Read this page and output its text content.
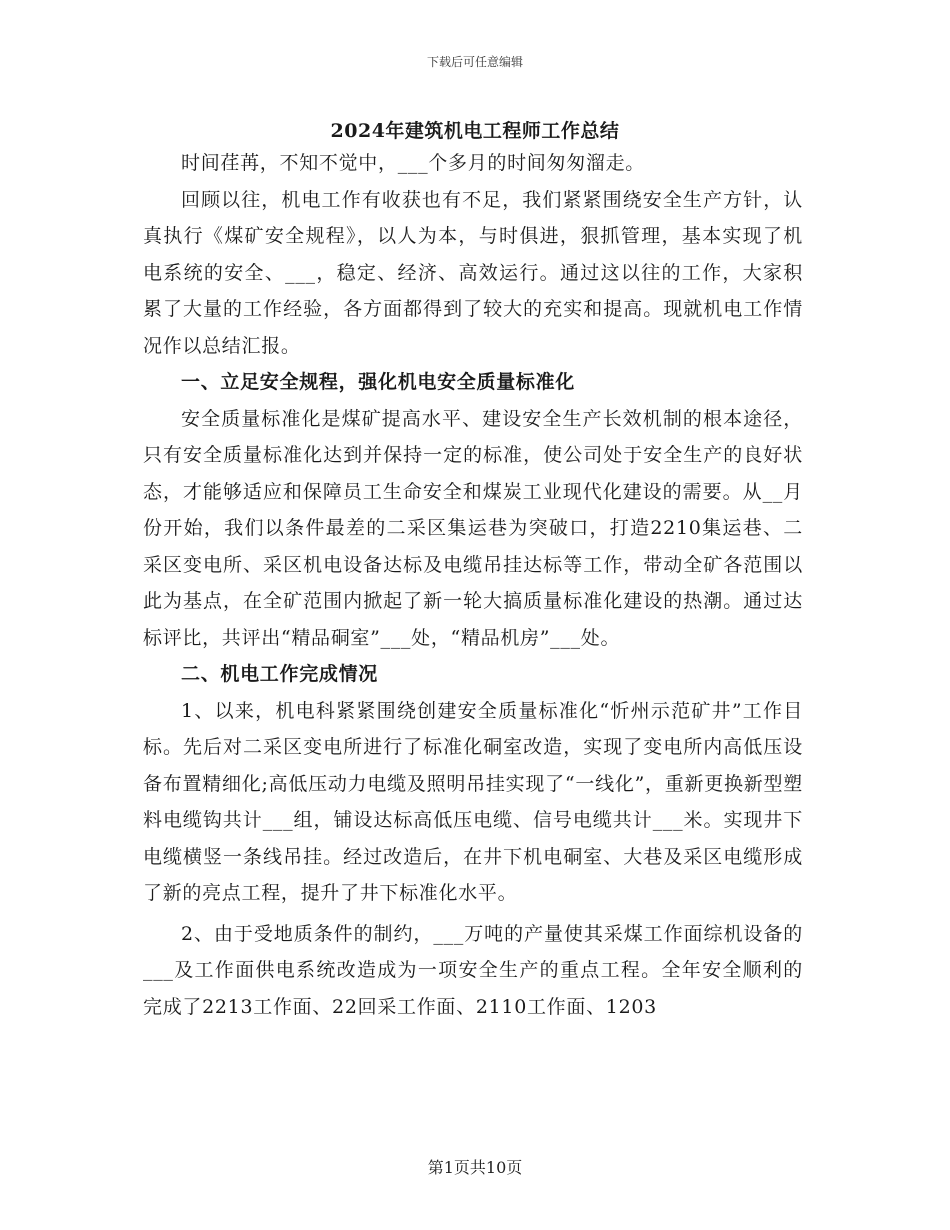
下载后可任意编辑
2024年建筑机电工程师工作总结

时间荏苒，不知不觉中，___个多月的时间匆匆溜走。

回顾以往，机电工作有收获也有不足，我们紧紧围绕安全生产方针，认真执行《煤矿安全规程》，以人为本，与时俱进，狠抓管理，基本实现了机电系统的安全、___，稳定、经济、高效运行。通过这以往的工作，大家积累了大量的工作经验，各方面都得到了较大的充实和提高。现就机电工作情况作以总结汇报。

一、立足安全规程，强化机电安全质量标准化

安全质量标准化是煤矿提高水平、建设安全生产长效机制的根本途径，只有安全质量标准化达到并保持一定的标准，使公司处于安全生产的良好状态，才能够适应和保障员工生命安全和煤炭工业现代化建设的需要。从__月份开始，我们以条件最差的二采区集运巷为突破口，打造2210集运巷、二采区变电所、采区机电设备达标及电缆吊挂达标等工作，带动全矿各范围以此为基点，在全矿范围内掀起了新一轮大搞质量标准化建设的热潮。通过达标评比，共评出“精品硐室”___处，“精品机房”___处。

二、机电工作完成情况

1、以来，机电科紧紧围绕创建安全质量标准化“忻州示范矿井”工作目标。先后对二采区变电所进行了标准化硐室改造，实现了变电所内高低压设备布置精细化;高低压动力电缆及照明吊挂实现了“一线化”，重新更换新型塑料电缆钩共计___组，铺设达标高低压电缆、信号电缆共计___米。实现井下电缆横竖一条线吊挂。经过改造后，在井下机电硐室、大巷及采区电缆形成了新的亮点工程，提升了井下标准化水平。

2、由于受地质条件的制约，___万吨的产量使其采煤工作面综机设备的___及工作面供电系统改造成为一项安全生产的重点工程。全年安全顺利的完成了2213工作面、22回采工作面、2110工作面、1203

第1页共10页
